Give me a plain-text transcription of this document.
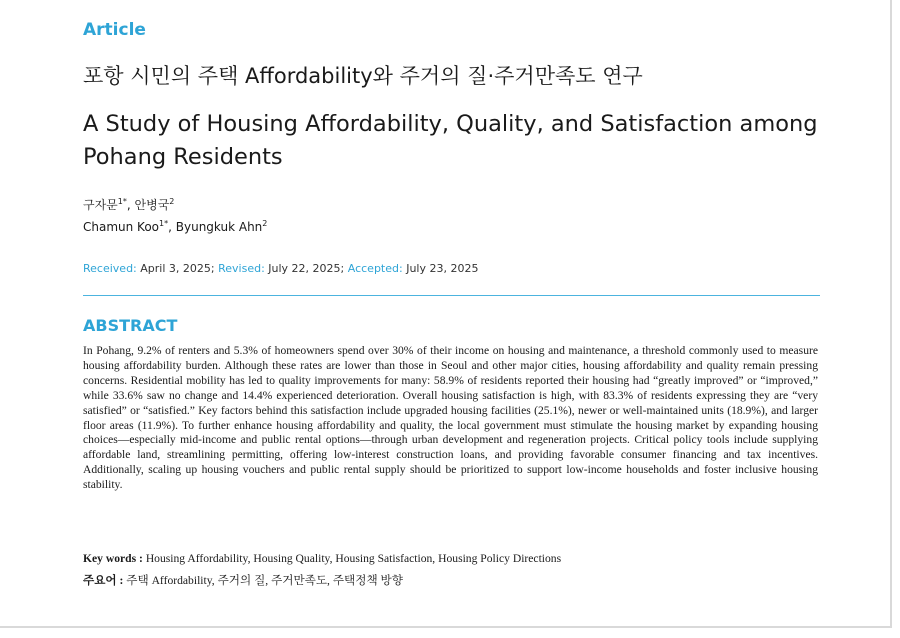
Article
포항 시민의 주택 Affordability와 주거의 질·주거만족도 연구
A Study of Housing Affordability, Quality, and Satisfaction among Pohang Residents
구자문$^{1*}$, 안병국$^2$
Chamun Koo$^{1*}$, Byungkuk Ahn$^2$
Received: April 3, 2025; Revised: July 22, 2025; Accepted: July 23, 2025
ABSTRACT
In Pohang, 9.2% of renters and 5.3% of homeowners spend over 30% of their income on housing and maintenance, a threshold commonly used to measure housing affordability burden. Although these rates are lower than those in Seoul and other major cities, housing affordability and quality remain pressing concerns. Residential mobility has led to quality improvements for many: 58.9% of residents reported their housing had “greatly improved” or “improved,” while 33.6% saw no change and 14.4% experienced deterioration. Overall housing satisfaction is high, with 83.3% of residents expressing they are “very satisfied” or “satisfied.” Key factors behind this satisfaction include upgraded housing facilities (25.1%), newer or well-maintained units (18.9%), and larger floor areas (11.9%). To further enhance housing affordability and quality, the local government must stimulate the housing market by expanding housing choices—especially mid-income and public rental options—through urban development and regeneration projects. Critical policy tools include supplying affordable land, streamlining permitting, offering low-interest construction loans, and providing favorable consumer financing and tax incentives. Additionally, scaling up housing vouchers and public rental supply should be prioritized to support low-income households and foster inclusive housing stability.
Key words : Housing Affordability, Housing Quality, Housing Satisfaction, Housing Policy Directions
주요어 : 주택 Affordability, 주거의 질, 주거만족도, 주택정책 방향
